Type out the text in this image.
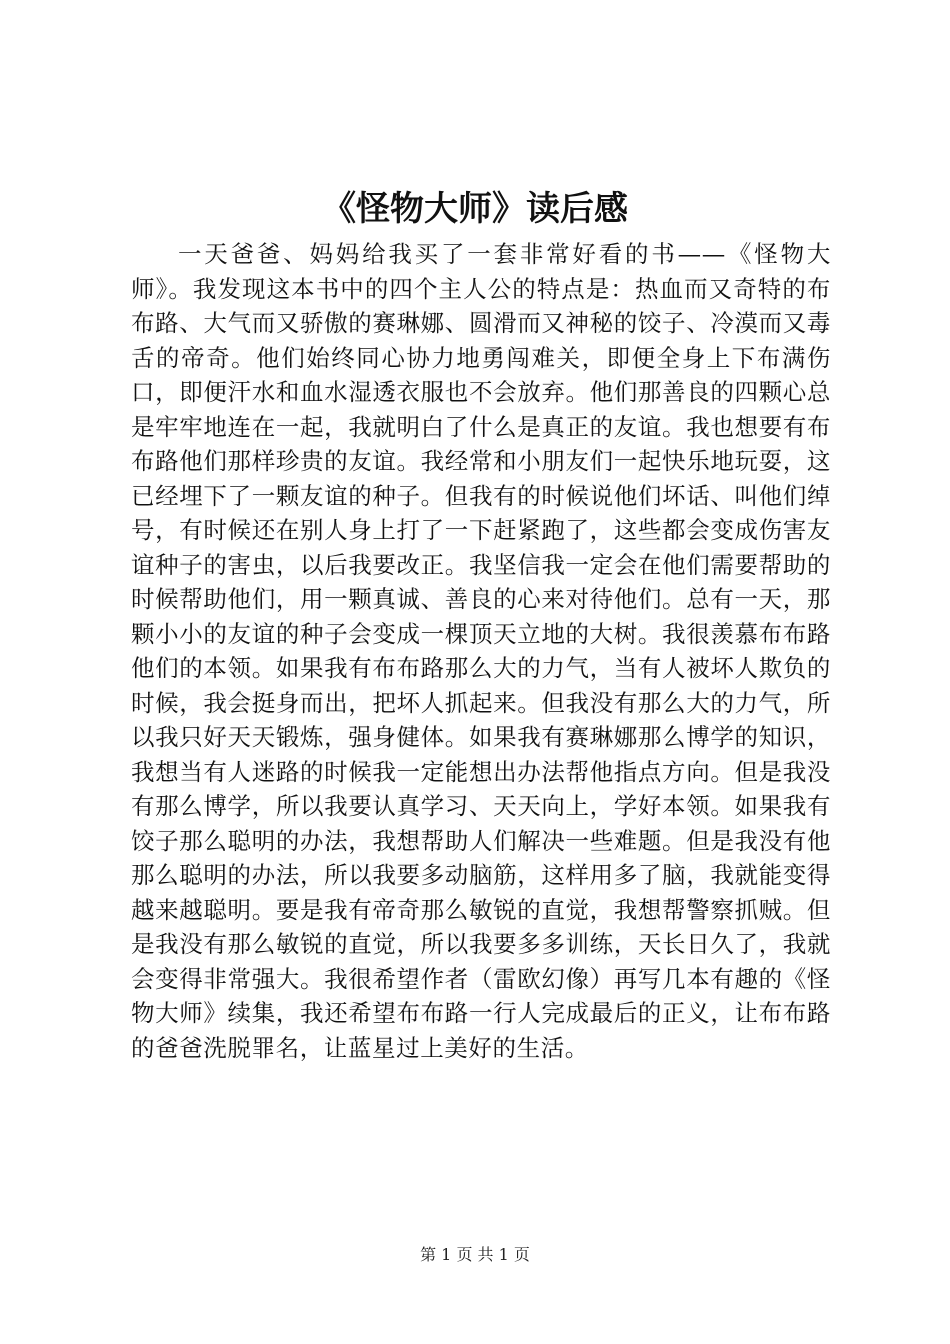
《怪物大师》读后感

一天爸爸、妈妈给我买了一套非常好看的书——《怪物大师》。我发现这本书中的四个主人公的特点是：热血而又奇特的布布路、大气而又骄傲的赛琳娜、圆滑而又神秘的饺子、冷漠而又毒舌的帝奇。他们始终同心协力地勇闯难关，即便全身上下布满伤口，即便汗水和血水湿透衣服也不会放弃。他们那善良的四颗心总是牢牢地连在一起，我就明白了什么是真正的友谊。我也想要有布布路他们那样珍贵的友谊。我经常和小朋友们一起快乐地玩耍，这已经埋下了一颗友谊的种子。但我有的时候说他们坏话、叫他们绰号，有时候还在别人身上打了一下赶紧跑了，这些都会变成伤害友谊种子的害虫，以后我要改正。我坚信我一定会在他们需要帮助的时候帮助他们，用一颗真诚、善良的心来对待他们。总有一天，那颗小小的友谊的种子会变成一棵顶天立地的大树。我很羡慕布布路他们的本领。如果我有布布路那么大的力气，当有人被坏人欺负的时候，我会挺身而出，把坏人抓起来。但我没有那么大的力气，所以我只好天天锻炼，强身健体。如果我有赛琳娜那么博学的知识，我想当有人迷路的时候我一定能想出办法帮他指点方向。但是我没有那么博学，所以我要认真学习、天天向上，学好本领。如果我有饺子那么聪明的办法，我想帮助人们解决一些难题。但是我没有他那么聪明的办法，所以我要多动脑筋，这样用多了脑，我就能变得越来越聪明。要是我有帝奇那么敏锐的直觉，我想帮警察抓贼。但是我没有那么敏锐的直觉，所以我要多多训练，天长日久了，我就会变得非常强大。我很希望作者（雷欧幻像）再写几本有趣的《怪物大师》续集，我还希望布布路一行人完成最后的正义，让布布路的爸爸洗脱罪名，让蓝星过上美好的生活。

第 1 页 共 1 页
